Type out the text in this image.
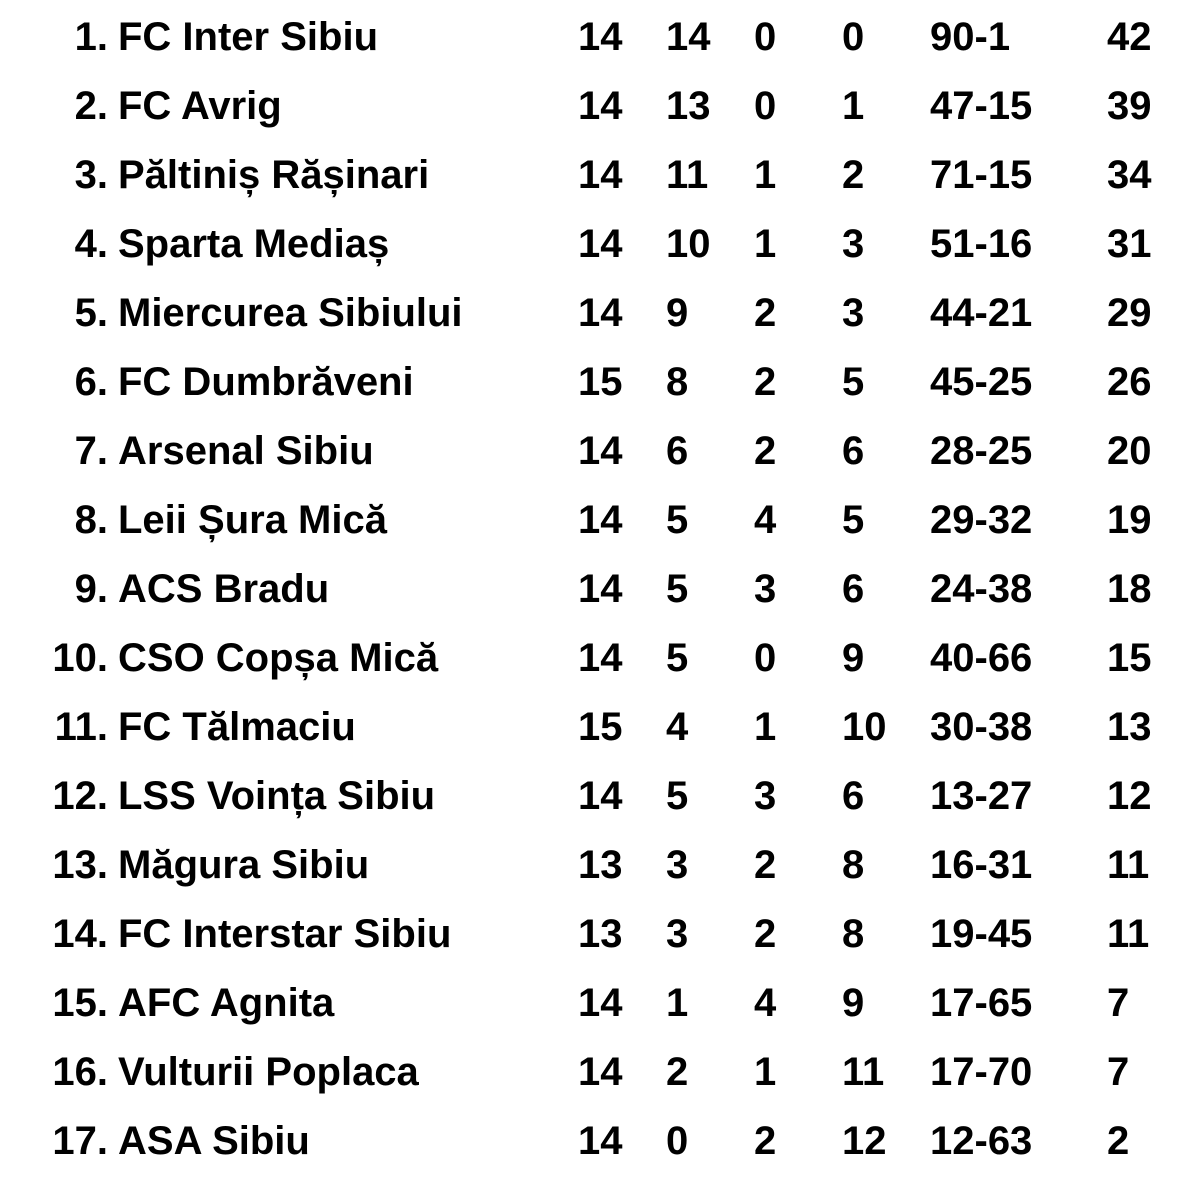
1. FC Inter Sibiu	14 14 0 0 90-1 42
2. FC Avrig	14 13 0 1 47-15 39
3. Păltiniș Rășinari	14 11 1 2 71-15 34
4. Sparta Mediaș	14 10 1 3 51-16 31
5. Miercurea Sibiului	14 9 2 3 44-21 29
6. FC Dumbrăveni	15 8 2 5 45-25 26
7. Arsenal Sibiu	14 6 2 6 28-25 20
8. Leii Șura Mică	14 5 4 5 29-32 19
9. ACS Bradu	14 5 3 6 24-38 18
10. CSO Copșa Mică	14 5 0 9 40-66 15
11. FC Tălmaciu	15 4 1 10 30-38 13
12. LSS Voința Sibiu	14 5 3 6 13-27 12
13. Măgura Sibiu	13 3 2 8 16-31 11
14. FC Interstar Sibiu	13 3 2 8 19-45 11
15. AFC Agnita	14 1 4 9 17-65 7
16. Vulturii Poplaca	14 2 1 11 17-70 7
17. ASA Sibiu	14 0 2 12 12-63 2
